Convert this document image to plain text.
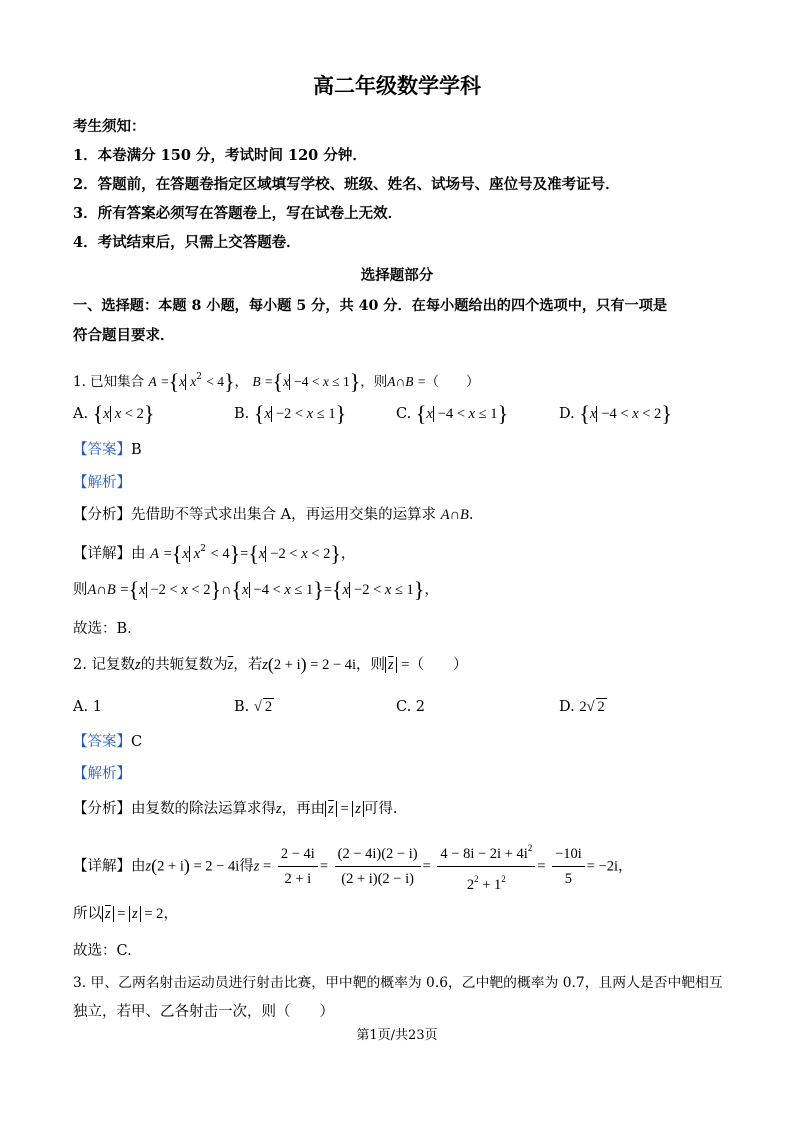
高二年级数学学科
考生须知：
1．本卷满分 150 分，考试时间 120 分钟．
2．答题前，在答题卷指定区域填写学校、班级、姓名、试场号、座位号及准考证号．
3．所有答案必须写在答题卷上，写在试卷上无效．
4．考试结束后，只需上交答题卷．
选择题部分
一、选择题：本题 8 小题，每小题 5 分，共 40 分．在每小题给出的四个选项中，只有一项是
符合题目要求．
1. 已知集合 A ={x $x^2 < 4$}， B ={x −4 < x ≤ 1}，则A∩B =（　　）
A. {x x < 2}	B. {x −2 < x ≤ 1}	C. {x −4 < x ≤ 1}	D. {x −4 < x < 2}
【答案】B
【解析】
【分析】先借助不等式求出集合 A，再运用交集的运算求 A∩B.
【详解】由 A ={x $x^2 < 4\}=\{x -2 < x < 2\}$，
则A∩B ={x −2 < x < 2}∩{x −4 < x ≤ 1}={x −2 < x ≤ 1}，
故选：B.
2. 记复数z的共轭复数为$\overline{z}$，若z(2 + i) = 2 − 4i，则 $\overline{z}$ =（　　）
A. 1	B. √ 2	C. 2	D. 2√ 2
【答案】C
【解析】
【分析】由复数的除法运算求得z，再由 $\overline{z} = z$ 可得.
【详解】由z(2 + i) = 2 − 4i得$z = \frac{2 - 4i}{2 + i} = \frac{(2 - 4i)(2 - i)}{(2 + i)(2 - i)} = \frac{4 - 8i - 2i + 4i^2}{2^2 + 1^2} = \frac{-10i}{5} = -2i$，
所以 $\overline{z} = z = 2$，
故选：C.
3. 甲、乙两名射击运动员进行射击比赛，甲中靶的概率为 0.6，乙中靶的概率为 0.7，且两人是否中靶相互
独立，若甲、乙各射击一次，则（　　）
第1页/共23页
